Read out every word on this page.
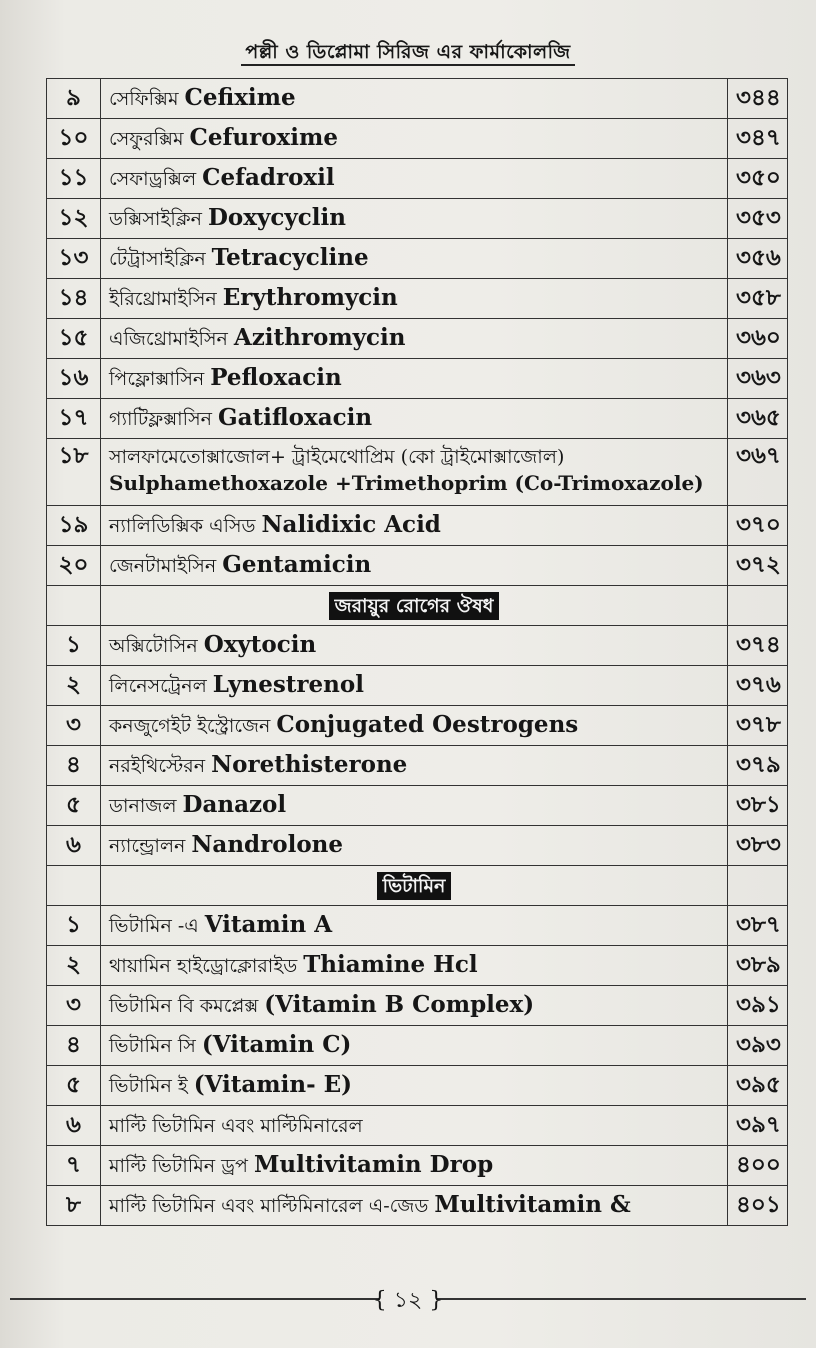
পল্লী ও ডিপ্লোমা সিরিজ এর ফার্মাকোলজি
৯	সেফিক্সিম Cefixime	৩৪৪
১০	সেফুরক্সিম Cefuroxime	৩৪৭
১১	সেফাড্রক্সিল Cefadroxil	৩৫০
১২	ডক্সিসাইক্লিন Doxycyclin	৩৫৩
১৩	টেট্রাসাইক্লিন Tetracycline	৩৫৬
১৪	ইরিথ্রোমাইসিন Erythromycin	৩৫৮
১৫	এজিথ্রোমাইসিন Azithromycin	৩৬০
১৬	পিফ্লোক্সাসিন Pefloxacin	৩৬৩
১৭	গ্যাটিফ্লক্সাসিন Gatifloxacin	৩৬৫
১৮	সালফামেতোক্সাজোল+ ট্রাইমেথোপ্রিম (কো ট্রাইমোক্সাজোল)
Sulphamethoxazole +Trimethoprim (Co-Trimoxazole)	৩৬৭
১৯	ন্যালিডিক্সিক এসিড Nalidixic Acid	৩৭০
২০	জেনটামাইসিন Gentamicin	৩৭২
	জরায়ুর রোগের ঔষধ	
১	অক্সিটোসিন Oxytocin	৩৭৪
২	লিনেসট্রেনল Lynestrenol	৩৭৬
৩	কনজুগেইট ইস্ট্রোজেন Conjugated Oestrogens	৩৭৮
৪	নরইথিস্টেরন Norethisterone	৩৭৯
৫	ডানাজল Danazol	৩৮১
৬	ন্যান্ড্রোলন Nandrolone	৩৮৩
	ভিটামিন	
১	ভিটামিন -এ Vitamin A	৩৮৭
২	থায়ামিন হাইড্রোক্লোরাইড Thiamine Hcl	৩৮৯
৩	ভিটামিন বি কমপ্লেক্স (Vitamin B Complex)	৩৯১
৪	ভিটামিন সি (Vitamin C)	৩৯৩
৫	ভিটামিন ই (Vitamin- E)	৩৯৫
৬	মাল্টি ভিটামিন এবং মাল্টিমিনারেল	৩৯৭
৭	মাল্টি ভিটামিন ড্রপ Multivitamin Drop	৪০০
৮	মাল্টি ভিটামিন এবং মাল্টিমিনারেল এ-জেড Multivitamin &	৪০১
{ ১২ }
